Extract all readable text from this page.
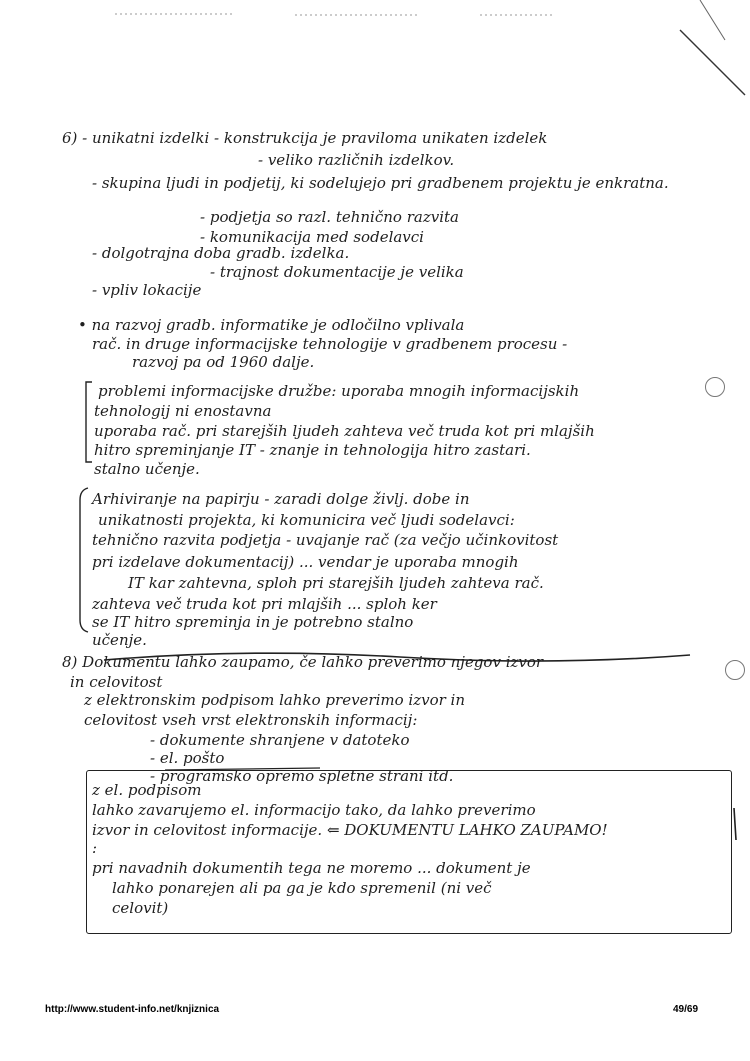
6) - unikatni izdelki - konstrukcija je praviloma unikaten izdelek
- veliko različnih izdelkov.
- skupina ljudi in podjetij, ki sodelujejo pri gradbenem projektu je enkratna.
- podjetja so razl. tehnično razvita
- komunikacija med sodelavci
- dolgotrajna doba gradb. izdelka.
- trajnost dokumentacije je velika
- vpliv lokacije
• na razvoj gradb. informatike je odločilno vplivala
rač. in druge informacijske tehnologije v gradbenem procesu -
razvoj pa od 1960 dalje.
problemi informacijske družbe: uporaba mnogih informacijskih
tehnologij ni enostavna
uporaba rač. pri starejših ljudeh zahteva več truda kot pri mlajših
hitro spreminjanje IT - znanje in tehnologija hitro zastari.
stalno učenje.
Arhiviranje na papirju - zaradi dolge življ. dobe in
unikatnosti projekta, ki komunicira več ljudi sodelavci:
tehnično razvita podjetja - uvajanje rač (za večjo učinkovitost
pri izdelave dokumentacij) ... vendar je uporaba mnogih
IT kar zahtevna, sploh pri starejših ljudeh zahteva rač.
zahteva več truda kot pri mlajših ... sploh ker
se IT hitro spreminja in je potrebno stalno
učenje.
8) Dokumentu lahko zaupamo, če lahko preverimo njegov izvor
in celovitost
z elektronskim podpisom lahko preverimo izvor in
celovitost vseh vrst elektronskih informacij:
- dokumente shranjene v datoteko
- el. pošto
- programsko opremo spletne strani itd.
z el. podpisom
lahko zavarujemo el. informacijo tako, da lahko preverimo
izvor in celovitost informacije. ⇐ DOKUMENTU LAHKO ZAUPAMO!
:
pri navadnih dokumentih tega ne moremo ... dokument je
lahko ponarejen ali pa ga je kdo spremenil (ni več
celovit)
http://www.student-info.net/knjiznica	49/69
